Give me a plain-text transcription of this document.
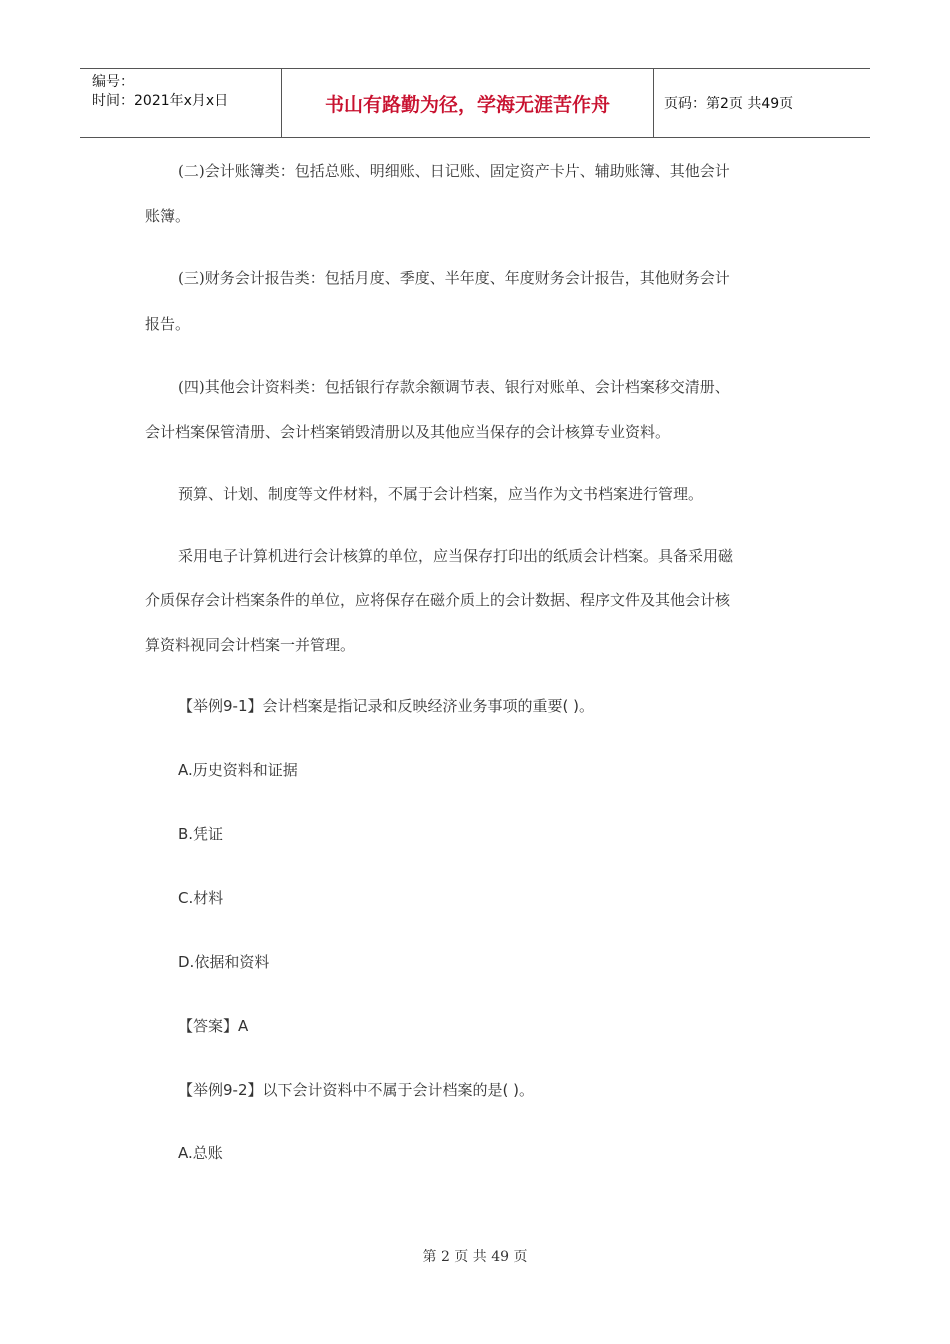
编号：
时间：2021年x月x日	书山有路勤为径，学海无涯苦作舟	页码：第2页 共49页
(二)会计账簿类：包括总账、明细账、日记账、固定资产卡片、辅助账簿、其他会计
账簿。
(三)财务会计报告类：包括月度、季度、半年度、年度财务会计报告，其他财务会计
报告。
(四)其他会计资料类：包括银行存款余额调节表、银行对账单、会计档案移交清册、
会计档案保管清册、会计档案销毁清册以及其他应当保存的会计核算专业资料。
预算、计划、制度等文件材料，不属于会计档案，应当作为文书档案进行管理。
采用电子计算机进行会计核算的单位，应当保存打印出的纸质会计档案。具备采用磁
介质保存会计档案条件的单位，应将保存在磁介质上的会计数据、程序文件及其他会计核
算资料视同会计档案一并管理。
【举例9-1】会计档案是指记录和反映经济业务事项的重要( )。
A.历史资料和证据
B.凭证
C.材料
D.依据和资料
【答案】A
【举例9-2】以下会计资料中不属于会计档案的是( )。
A.总账
第 2 页 共 49 页
